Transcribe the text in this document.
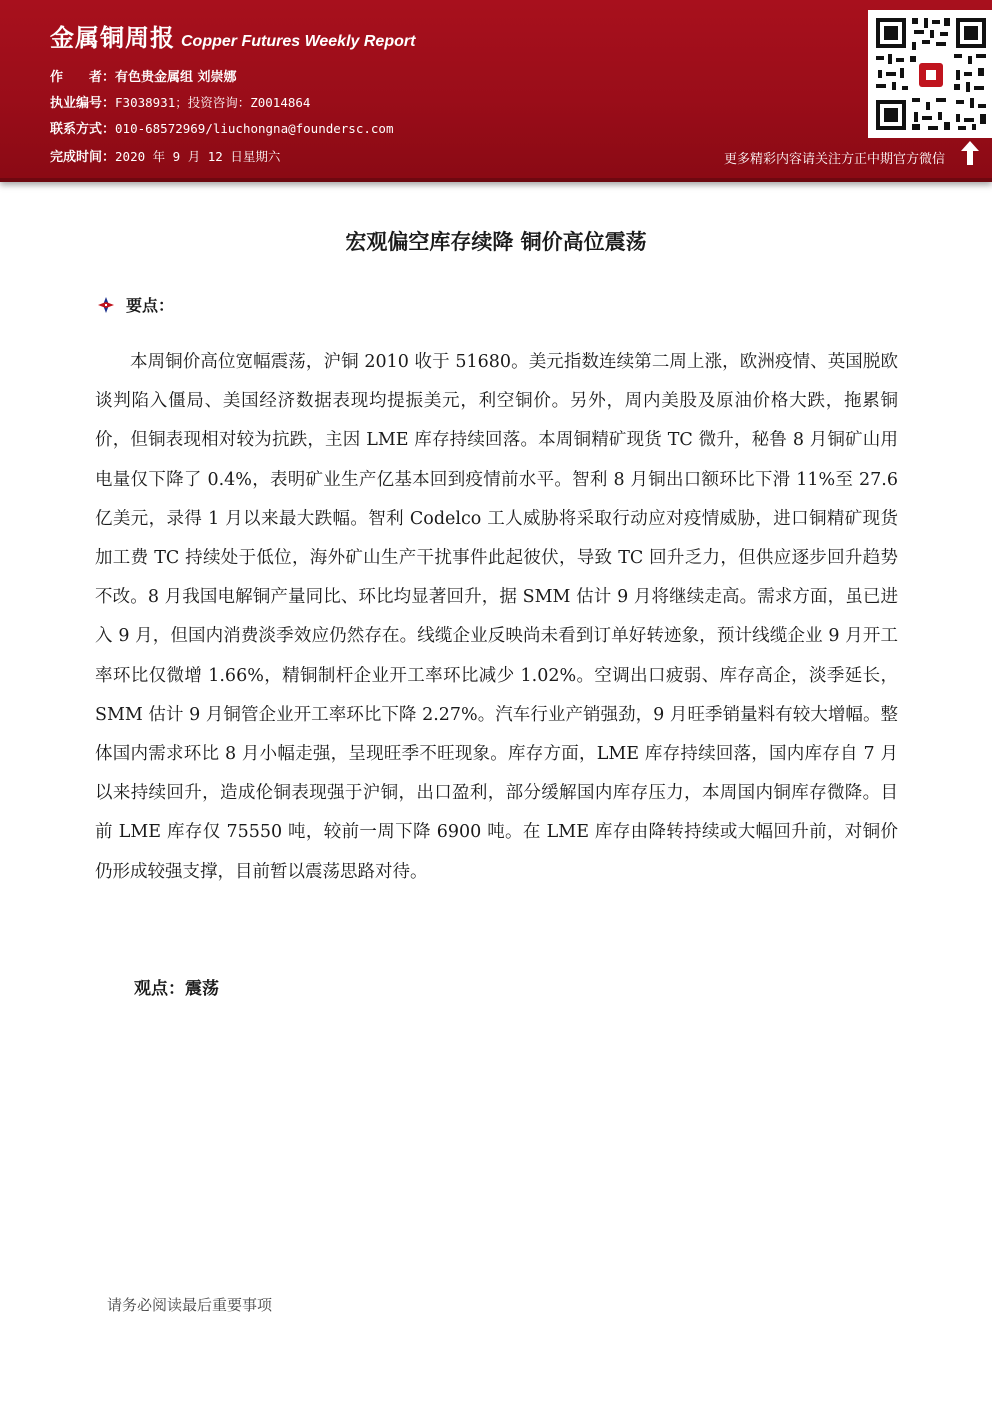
金属铜周报 Copper Futures Weekly Report
作　　者：有色贵金属组 刘崇娜
执业编号：F3038931；投资咨询：Z0014864
联系方式：010-68572969/liuchongna@foundersc.com
完成时间：2020 年 9 月 12 日星期六	更多精彩内容请关注方正中期官方微信
宏观偏空库存续降 铜价高位震荡
要点：
本周铜价高位宽幅震荡，沪铜 2010 收于 51680。美元指数连续第二周上涨，欧洲疫情、英国脱欧谈判陷入僵局、美国经济数据表现均提振美元，利空铜价。另外，周内美股及原油价格大跌，拖累铜价，但铜表现相对较为抗跌，主因 LME 库存持续回落。本周铜精矿现货 TC 微升，秘鲁 8 月铜矿山用电量仅下降了 0.4%，表明矿业生产亿基本回到疫情前水平。智利 8 月铜出口额环比下滑 11%至 27.6 亿美元，录得 1 月以来最大跌幅。智利 Codelco 工人威胁将采取行动应对疫情威胁，进口铜精矿现货加工费 TC 持续处于低位，海外矿山生产干扰事件此起彼伏，导致 TC 回升乏力，但供应逐步回升趋势不改。8 月我国电解铜产量同比、环比均显著回升，据 SMM 估计 9 月将继续走高。需求方面，虽已进入 9 月，但国内消费淡季效应仍然存在。线缆企业反映尚未看到订单好转迹象，预计线缆企业 9 月开工率环比仅微增 1.66%，精铜制杆企业开工率环比减少 1.02%。空调出口疲弱、库存高企，淡季延长，SMM 估计 9 月铜管企业开工率环比下降 2.27%。汽车行业产销强劲，9 月旺季销量料有较大增幅。整体国内需求环比 8 月小幅走强，呈现旺季不旺现象。库存方面，LME 库存持续回落，国内库存自 7 月以来持续回升，造成伦铜表现强于沪铜，出口盈利，部分缓解国内库存压力，本周国内铜库存微降。目前 LME 库存仅 75550 吨，较前一周下降 6900 吨。在 LME 库存由降转持续或大幅回升前，对铜价仍形成较强支撑，目前暂以震荡思路对待。
观点：震荡
请务必阅读最后重要事项
